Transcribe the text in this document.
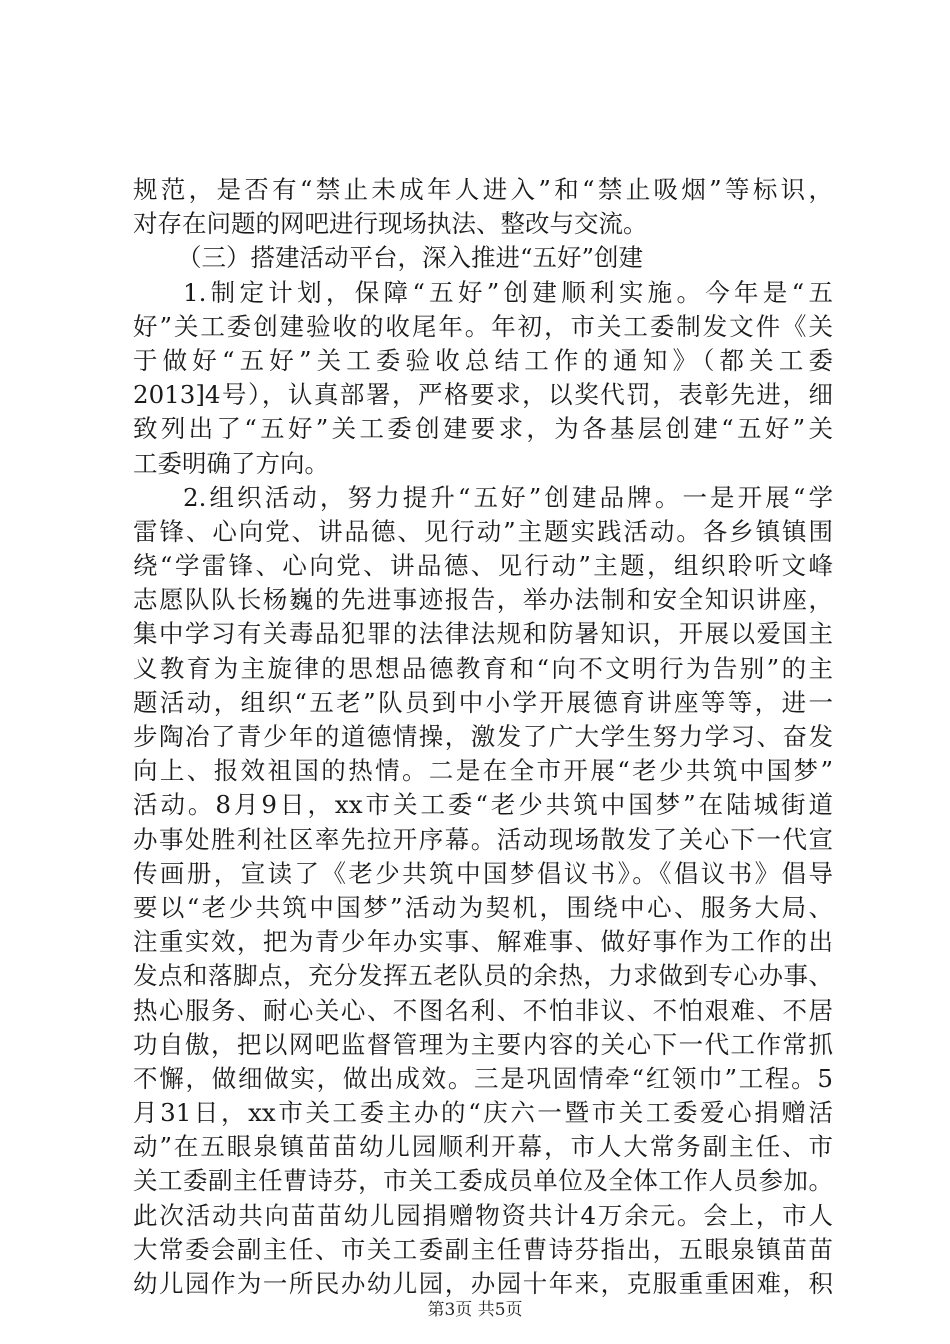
规范，是否有“禁止未成年人进入”和“禁止吸烟”等标识，
对存在问题的网吧进行现场执法、整改与交流。
（三）搭建活动平台，深入推进“五好”创建
1.制定计划，保障“五好”创建顺利实施。今年是“五
好”关工委创建验收的收尾年。年初，市关工委制发文件《关
于做好“五好”关工委验收总结工作的通知》（都关工委
2013]4号），认真部署，严格要求，以奖代罚，表彰先进，细
致列出了“五好”关工委创建要求，为各基层创建“五好”关
工委明确了方向。
2.组织活动，努力提升“五好”创建品牌。一是开展“学
雷锋、心向党、讲品德、见行动”主题实践活动。各乡镇镇围
绕“学雷锋、心向党、讲品德、见行动”主题，组织聆听文峰
志愿队队长杨巍的先进事迹报告，举办法制和安全知识讲座，
集中学习有关毒品犯罪的法律法规和防暑知识，开展以爱国主
义教育为主旋律的思想品德教育和“向不文明行为告别”的主
题活动，组织“五老”队员到中小学开展德育讲座等等，进一
步陶冶了青少年的道德情操，激发了广大学生努力学习、奋发
向上、报效祖国的热情。二是在全市开展“老少共筑中国梦”
活动。8月9日，xx市关工委“老少共筑中国梦”在陆城街道
办事处胜利社区率先拉开序幕。活动现场散发了关心下一代宣
传画册，宣读了《老少共筑中国梦倡议书》。《倡议书》倡导
要以“老少共筑中国梦”活动为契机，围绕中心、服务大局、
注重实效，把为青少年办实事、解难事、做好事作为工作的出
发点和落脚点，充分发挥五老队员的余热，力求做到专心办事、
热心服务、耐心关心、不图名利、不怕非议、不怕艰难、不居
功自傲，把以网吧监督管理为主要内容的关心下一代工作常抓
不懈，做细做实，做出成效。三是巩固情牵“红领巾”工程。5
月31日，xx市关工委主办的“庆六一暨市关工委爱心捐赠活
动”在五眼泉镇苗苗幼儿园顺利开幕，市人大常务副主任、市
关工委副主任曹诗芬，市关工委成员单位及全体工作人员参加。
此次活动共向苗苗幼儿园捐赠物资共计4万余元。会上，市人
大常委会副主任、市关工委副主任曹诗芬指出，五眼泉镇苗苗
幼儿园作为一所民办幼儿园，办园十年来，克服重重困难，积
第3页 共5页
